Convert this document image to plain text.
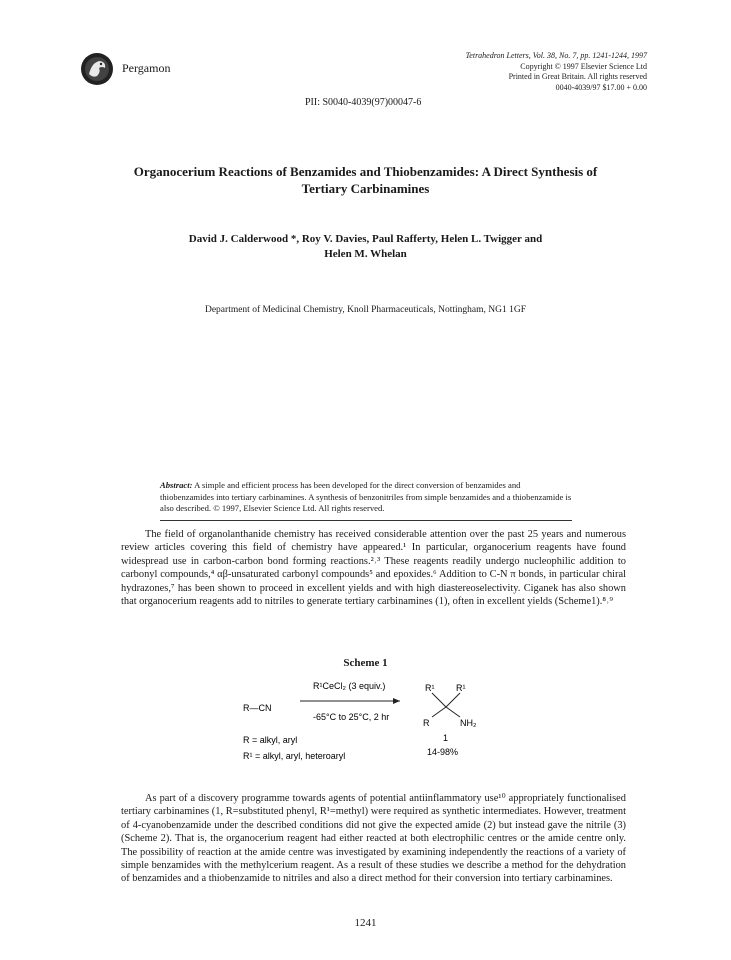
Pergamon
Tetrahedron Letters, Vol. 38, No. 7, pp. 1241-1244, 1997
Copyright © 1997 Elsevier Science Ltd
Printed in Great Britain. All rights reserved
0040-4039/97 $17.00 + 0.00
PII: S0040-4039(97)00047-6
Organocerium Reactions of Benzamides and Thiobenzamides: A Direct Synthesis of
Tertiary Carbinamines
David J. Calderwood *, Roy V. Davies, Paul Rafferty, Helen L. Twigger and
Helen M. Whelan
Department of Medicinal Chemistry, Knoll Pharmaceuticals, Nottingham, NG1 1GF
Abstract: A simple and efficient process has been developed for the direct conversion of benzamides and thiobenzamides into tertiary carbinamines. A synthesis of benzonitriles from simple benzamides and a thiobenzamide is also described. © 1997, Elsevier Science Ltd. All rights reserved.

The field of organolanthanide chemistry has received considerable attention over the past 25 years and numerous review articles covering this field of chemistry have appeared.¹ In particular, organocerium reagents have found widespread use in carbon-carbon bond forming reactions.²˒³ These reagents readily undergo nucleophilic addition to carbonyl compounds,⁴ αβ-unsaturated carbonyl compounds⁵ and epoxides.⁶ Addition to C-N π bonds, in particular chiral hydrazones,⁷ has been shown to proceed in excellent yields and with high diastereoselectivity. Ciganek has also shown that organocerium reagents add to nitriles to generate tertiary carbinamines (1), often in excellent yields (Scheme1).⁸˒⁹

Scheme 1
R—CN
R¹CeCl₂ (3 equiv.)
-65°C to 25°C, 2 hr
R¹ R¹
R	NH₂
1
14-98%
R = alkyl, aryl
R¹ = alkyl, aryl, heteroaryl

As part of a discovery programme towards agents of potential antiinflammatory use¹⁰ appropriately functionalised tertiary carbinamines (1, R=substituted phenyl, R¹=methyl) were required as synthetic intermediates. However, treatment of 4-cyanobenzamide under the described conditions did not give the expected amide (2) but instead gave the nitrile (3) (Scheme 2). That is, the organocerium reagent had either reacted at both electrophilic centres or the amide centre only. The possibility of reaction at the amide centre was investigated by examining independently the reactions of a variety of simple benzamides with the methylcerium reagent. As a result of these studies we describe a method for the dehydration of benzamides and a thiobenzamide to nitriles and also a direct method for their conversion into tertiary carbinamines.

1241
